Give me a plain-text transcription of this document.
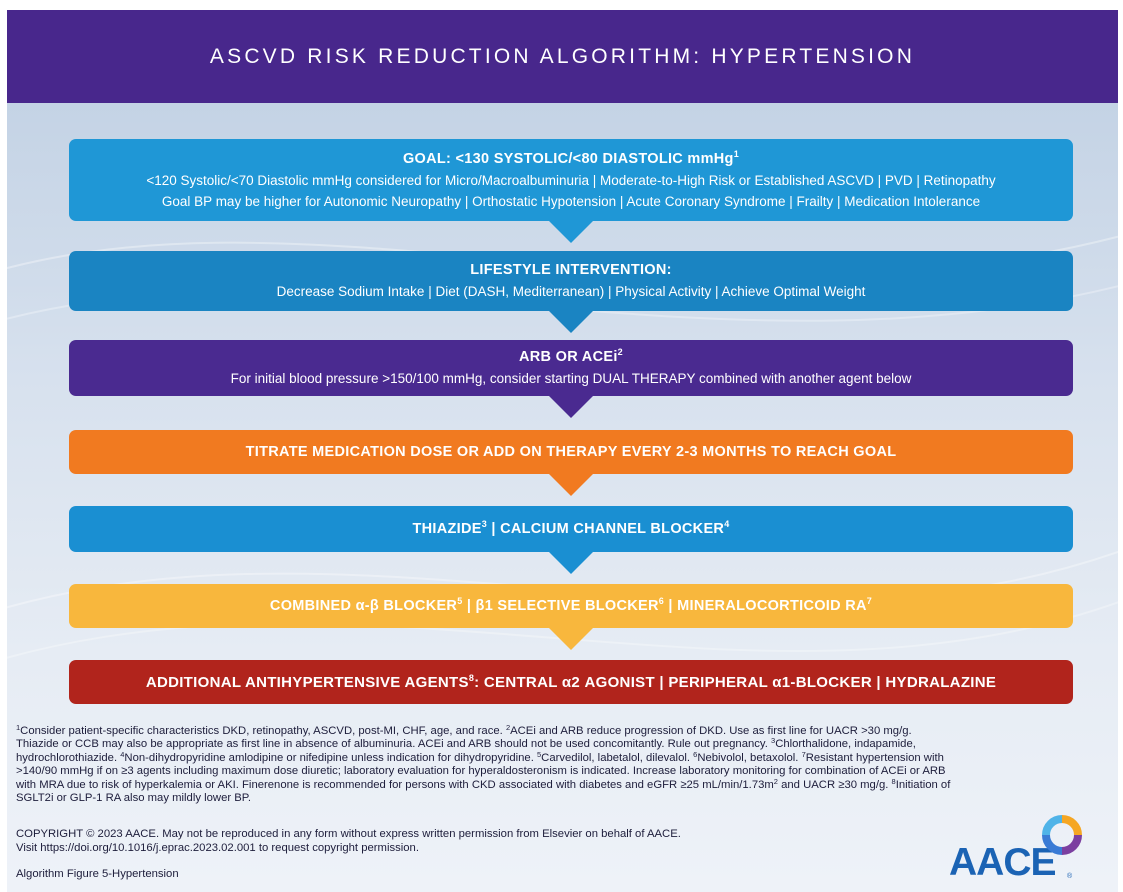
ASCVD RISK REDUCTION ALGORITHM: HYPERTENSION
GOAL: <130 SYSTOLIC/<80 DIASTOLIC mmHg$^1$
<120 Systolic/<70 Diastolic mmHg considered for Micro/Macroalbuminuria | Moderate-to-High Risk or Established ASCVD | PVD | Retinopathy
Goal BP may be higher for Autonomic Neuropathy | Orthostatic Hypotension | Acute Coronary Syndrome | Frailty | Medication Intolerance
LIFESTYLE INTERVENTION:
Decrease Sodium Intake | Diet (DASH, Mediterranean) | Physical Activity | Achieve Optimal Weight
ARB OR ACEi$^2$
For initial blood pressure >150/100 mmHg, consider starting DUAL THERAPY combined with another agent below
TITRATE MEDICATION DOSE OR ADD ON THERAPY EVERY 2-3 MONTHS TO REACH GOAL
THIAZIDE$^3$ | CALCIUM CHANNEL BLOCKER$^4$
COMBINED α-β BLOCKER$^5$ | β1 SELECTIVE BLOCKER$^6$ | MINERALOCORTICOID $RA^7$
ADDITIONAL ANTIHYPERTENSIVE AGENTS$^8$: CENTRAL α2 AGONIST | PERIPHERAL α1-BLOCKER | HYDRALAZINE
$^1$Consider patient-specific characteristics DKD, retinopathy, ASCVD, post-MI, CHF, age, and race. $^2$ACEi and ARB reduce progression of DKD. Use as first line for UACR >30 mg/g. Thiazide or CCB may also be appropriate as first line in absence of albuminuria. ACEi and ARB should not be used concomitantly. Rule out pregnancy. $^3$Chlorthalidone, indapamide, hydrochlorothiazide. $^4$Non-dihydropyridine amlodipine or nifedipine unless indication for dihydropyridine. $^5$Carvedilol, labetalol, dilevalol. $^6$Nebivolol, betaxolol. $^7$Resistant hypertension with >140/90 mmHg if on ≥3 agents including maximum dose diuretic; laboratory evaluation for hyperaldosteronism is indicated. Increase laboratory monitoring for combination of ACEi or ARB with MRA due to risk of hyperkalemia or AKI. Finerenone is recommended for persons with CKD associated with diabetes and eGFR ≥25 $mL/\min/1.73m^2$ and UACR ≥30 mg/g. $^8$Initiation of SGLT2i or GLP-1 RA also may mildly lower BP.
COPYRIGHT © 2023 AACE. May not be reproduced in any form without express written permission from Elsevier on behalf of AACE.
Visit https://doi.org/10.1016/j.eprac.2023.02.001 to request copyright permission.
Algorithm Figure 5-Hypertension	AACE ®
